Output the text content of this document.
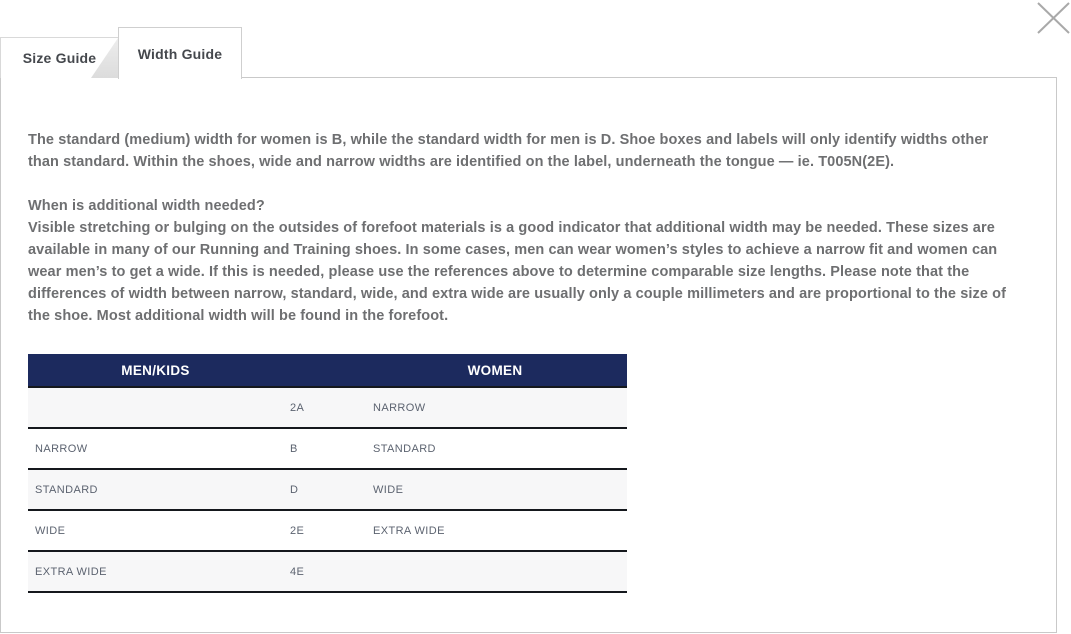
Size Guide	Width Guide

The standard (medium) width for women is B, while the standard width for men is D. Shoe boxes and labels will only identify widths other than standard. Within the shoes, wide and narrow widths are identified on the label, underneath the tongue — ie. T005N(2E).

When is additional width needed?
Visible stretching or bulging on the outsides of forefoot materials is a good indicator that additional width may be needed. These sizes are available in many of our Running and Training shoes. In some cases, men can wear women’s styles to achieve a narrow fit and women can wear men’s to get a wide. If this is needed, please use the references above to determine comparable size lengths. Please note that the differences of width between narrow, standard, wide, and extra wide are usually only a couple millimeters and are proportional to the size of the shoe. Most additional width will be found in the forefoot.
MEN/KIDS		WOMEN
	2A	NARROW
NARROW	B	STANDARD
STANDARD	D	WIDE
WIDE	2E	EXTRA WIDE
EXTRA WIDE	4E	
